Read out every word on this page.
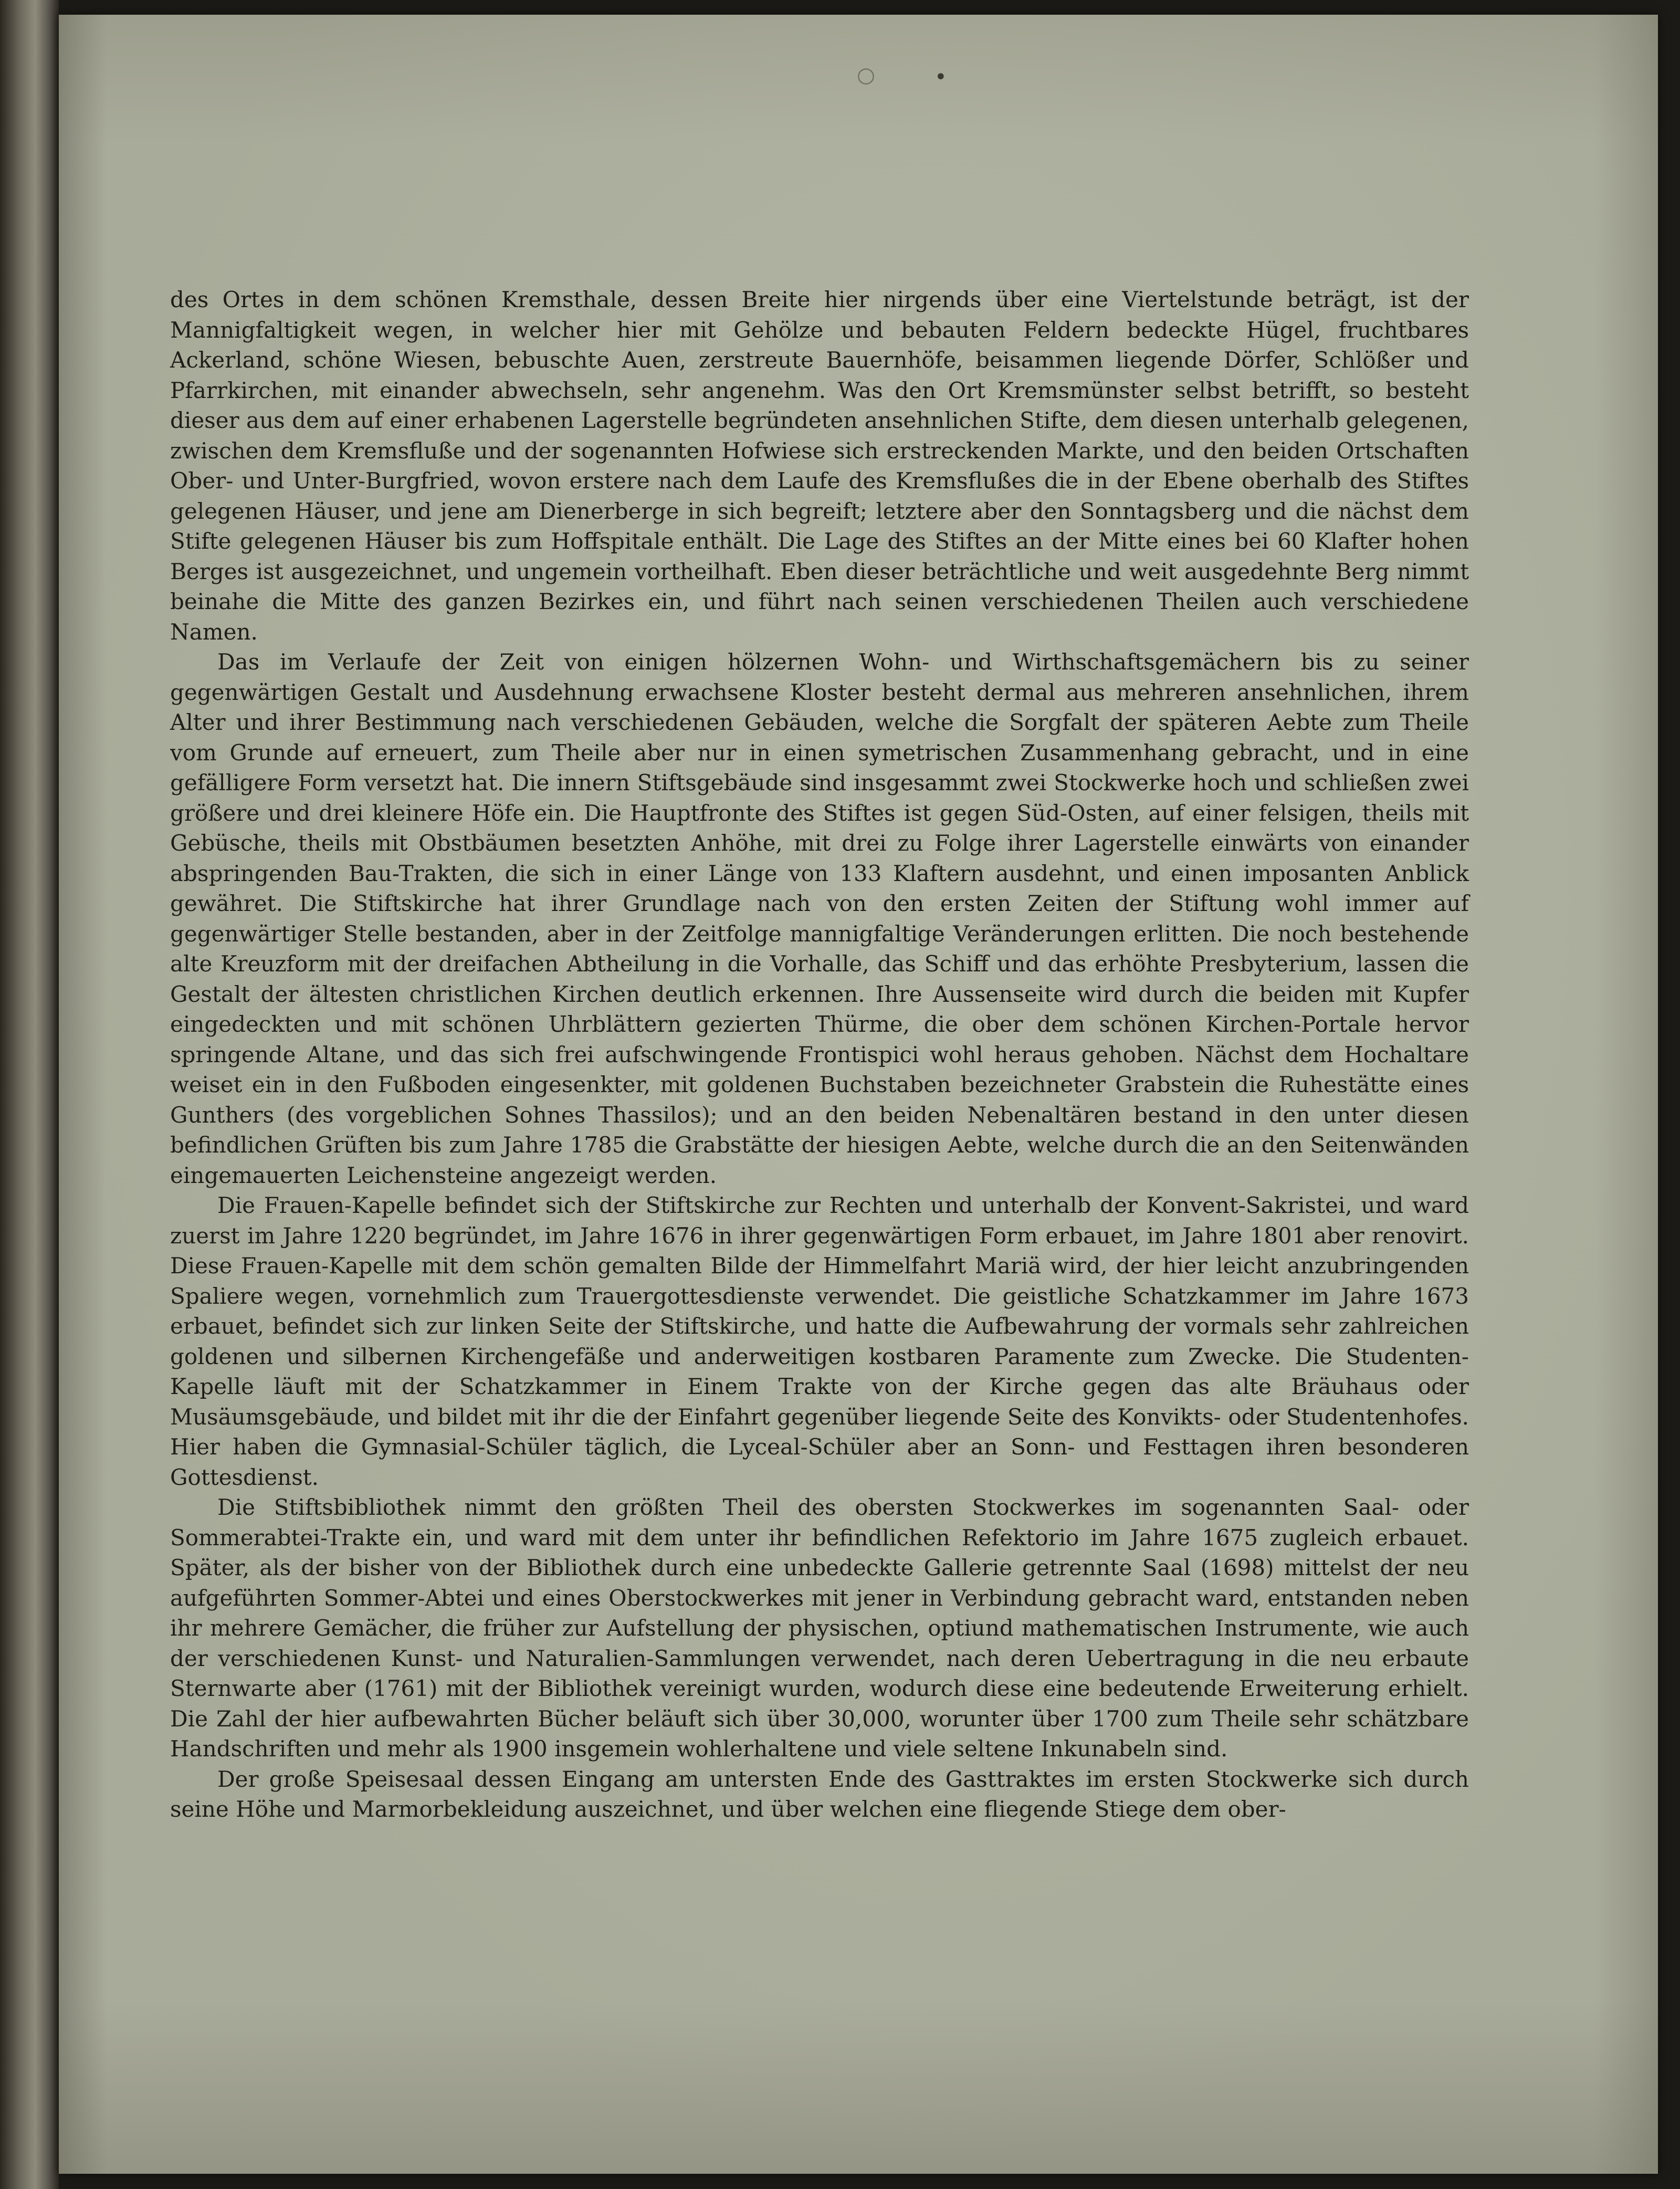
○	•

des Ortes in dem schönen Kremsthale, dessen Breite hier nirgends über eine Viertelstunde beträgt, ist der Mannigfaltigkeit wegen, in welcher hier mit Gehölze und bebauten Feldern bedeckte Hügel, fruchtbares Ackerland, schöne Wiesen, bebuschte Auen, zerstreute Bauernhöfe, beisammen liegende Dörfer, Schlößer und Pfarrkirchen, mit einander abwechseln, sehr angenehm. Was den Ort Kremsmünster selbst betrifft, so besteht dieser aus dem auf einer erhabenen Lagerstelle begründeten ansehnlichen Stifte, dem diesen unterhalb gelegenen, zwischen dem Kremsfluße und der sogenannten Hofwiese sich erstreckenden Markte, und den beiden Ortschaften Ober- und Unter-Burgfried, wovon erstere nach dem Laufe des Kremsflußes die in der Ebene oberhalb des Stiftes gelegenen Häuser, und jene am Dienerberge in sich begreift; letztere aber den Sonntagsberg und die nächst dem Stifte gelegenen Häuser bis zum Hoffspitale enthält. Die Lage des Stiftes an der Mitte eines bei 60 Klafter hohen Berges ist ausgezeichnet, und ungemein vortheilhaft. Eben dieser beträchtliche und weit ausgedehnte Berg nimmt beinahe die Mitte des ganzen Bezirkes ein, und führt nach seinen verschiedenen Theilen auch verschiedene Namen.

Das im Verlaufe der Zeit von einigen hölzernen Wohn- und Wirthschaftsgemächern bis zu seiner gegenwärtigen Gestalt und Ausdehnung erwachsene Kloster besteht dermal aus mehreren ansehnlichen, ihrem Alter und ihrer Bestimmung nach verschiedenen Gebäuden, welche die Sorgfalt der späteren Aebte zum Theile vom Grunde auf erneuert, zum Theile aber nur in einen symetrischen Zusammenhang gebracht, und in eine gefälligere Form versetzt hat. Die innern Stiftsgebäude sind insgesammt zwei Stockwerke hoch und schließen zwei größere und drei kleinere Höfe ein. Die Hauptfronte des Stiftes ist gegen Süd-Osten, auf einer felsigen, theils mit Gebüsche, theils mit Obstbäumen besetzten Anhöhe, mit drei zu Folge ihrer Lagerstelle einwärts von einander abspringenden Bau-Trakten, die sich in einer Länge von 133 Klaftern ausdehnt, und einen imposanten Anblick gewähret. Die Stiftskirche hat ihrer Grundlage nach von den ersten Zeiten der Stiftung wohl immer auf gegenwärtiger Stelle bestanden, aber in der Zeitfolge mannigfaltige Veränderungen erlitten. Die noch bestehende alte Kreuzform mit der dreifachen Abtheilung in die Vorhalle, das Schiff und das erhöhte Presbyterium, lassen die Gestalt der ältesten christlichen Kirchen deutlich erkennen. Ihre Aussenseite wird durch die beiden mit Kupfer eingedeckten und mit schönen Uhrblättern gezierten Thürme, die ober dem schönen Kirchen-Portale hervor springende Altane, und das sich frei aufschwingende Frontispici wohl heraus gehoben. Nächst dem Hochaltare weiset ein in den Fußboden eingesenkter, mit goldenen Buchstaben bezeichneter Grabstein die Ruhestätte eines Gunthers (des vorgeblichen Sohnes Thassilos); und an den beiden Nebenaltären bestand in den unter diesen befindlichen Grüften bis zum Jahre 1785 die Grabstätte der hiesigen Aebte, welche durch die an den Seitenwänden eingemauerten Leichensteine angezeigt werden.

Die Frauen-Kapelle befindet sich der Stiftskirche zur Rechten und unterhalb der Konvent-Sakristei, und ward zuerst im Jahre 1220 begründet, im Jahre 1676 in ihrer gegenwärtigen Form erbauet, im Jahre 1801 aber renovirt. Diese Frauen-Kapelle mit dem schön gemalten Bilde der Himmelfahrt Mariä wird, der hier leicht anzubringenden Spaliere wegen, vornehmlich zum Trauergottesdienste verwendet. Die geistliche Schatzkammer im Jahre 1673 erbauet, befindet sich zur linken Seite der Stiftskirche, und hatte die Aufbewahrung der vormals sehr zahlreichen goldenen und silbernen Kirchengefäße und anderweitigen kostbaren Paramente zum Zwecke. Die Studenten-Kapelle läuft mit der Schatzkammer in Einem Trakte von der Kirche gegen das alte Bräuhaus oder Musäumsgebäude, und bildet mit ihr die der Einfahrt gegenüber liegende Seite des Konvikts- oder Studentenhofes. Hier haben die Gymnasial-Schüler täglich, die Lyceal-Schüler aber an Sonn- und Festtagen ihren besonderen Gottesdienst.

Die Stiftsbibliothek nimmt den größten Theil des obersten Stockwerkes im sogenannten Saal- oder Sommerabtei-Trakte ein, und ward mit dem unter ihr befindlichen Refektorio im Jahre 1675 zugleich erbauet. Später, als der bisher von der Bibliothek durch eine unbedeckte Gallerie getrennte Saal (1698) mittelst der neu aufgeführten Sommer-Abtei und eines Oberstockwerkes mit jener in Verbindung gebracht ward, entstanden neben ihr mehrere Gemächer, die früher zur Aufstellung der physischen, optiund mathematischen Instrumente, wie auch der verschiedenen Kunst- und Naturalien-Sammlungen verwendet, nach deren Uebertragung in die neu erbaute Sternwarte aber (1761) mit der Bibliothek vereinigt wurden, wodurch diese eine bedeutende Erweiterung erhielt. Die Zahl der hier aufbewahrten Bücher beläuft sich über 30,000, worunter über 1700 zum Theile sehr schätzbare Handschriften und mehr als 1900 insgemein wohlerhaltene und viele seltene Inkunabeln sind.

Der große Speisesaal dessen Eingang am untersten Ende des Gasttraktes im ersten Stockwerke sich durch seine Höhe und Marmorbekleidung auszeichnet, und über welchen eine fliegende Stiege dem ober-
